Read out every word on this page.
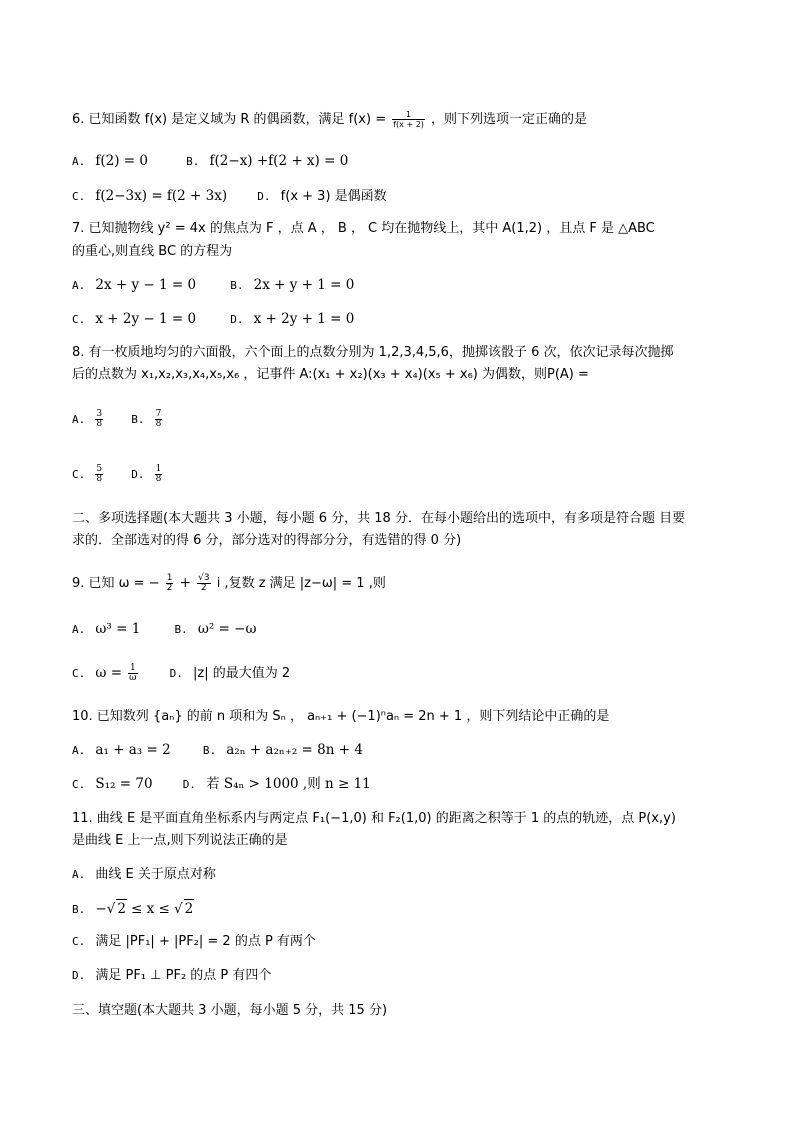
6. 已知函数 f(x) 是定义域为 R 的偶函数，满足 $f(x) = \frac{1}{f(x + 2)}$ ，则下列选项一定正确的是
A. f(2) = 0	B. f(2−x) +f(2 + x) = 0
C. f(2−3x) = f(2 + 3x)	D. f(x + 3) 是偶函数
7. 已知抛物线 y² = 4x 的焦点为 F ，点 A ， B ， C 均在抛物线上，其中 A(1,2) ，且点 F 是 △ABC
的重心,则直线 BC 的方程为
A. 2x + y − 1 = 0	B. 2x + y + 1 = 0
C. x + 2y − 1 = 0	D. x + 2y + 1 = 0
8. 有一枚质地均匀的六面骰，六个面上的点数分别为 1,2,3,4,5,6，抛掷该骰子 6 次，依次记录每次抛掷
后的点数为 x₁,x₂,x₃,x₄,x₅,x₆ ，记事件 A:(x₁ + x₂)(x₃ + x₄)(x₅ + x₆) 为偶数，则P(A) =
A. $\frac{3}{8}$	B. $\frac{7}{8}$
C. $\frac{5}{8}$	D. $\frac{1}{8}$
二、多项选择题(本大题共 3 小题，每小题 6 分，共 18 分．在每小题给出的选项中，有多项是符合题 目要
求的．全部选对的得 6 分，部分选对的得部分分，有选错的得 0 分)
9. 已知 ω = − $\frac{1}{2} + \frac{√3}{2}$ i ,复数 z 满足 |z−ω| = 1 ,则
A. ω³ = 1	B. ω² = −ω
C. $\omega = \frac{1}{\omega}$	D. |z| 的最大值为 2
10. 已知数列 {aₙ} 的前 n 项和为 Sₙ ， aₙ₊₁ + (−1)ⁿaₙ = 2n + 1 ，则下列结论中正确的是
A. a₁ + a₃ = 2	B. a₂ₙ + a₂ₙ₊₂ = 8n + 4
C. S₁₂ = 70	D. 若 S₄ₙ > 1000 ,则 n ≥ 11
11. 曲线 E 是平面直角坐标系内与两定点 F₁(−1,0) 和 F₂(1,0) 的距离之积等于 1 的点的轨迹，点 P(x,y)
是曲线 E 上一点,则下列说法正确的是
A. 曲线 E 关于原点对称
B. −√ 2 ≤ x ≤ √ 2
C. 满足 |PF₁| + |PF₂| = 2 的点 P 有两个
D. 满足 PF₁ ⊥ PF₂ 的点 P 有四个
三、填空题(本大题共 3 小题，每小题 5 分，共 15 分)
